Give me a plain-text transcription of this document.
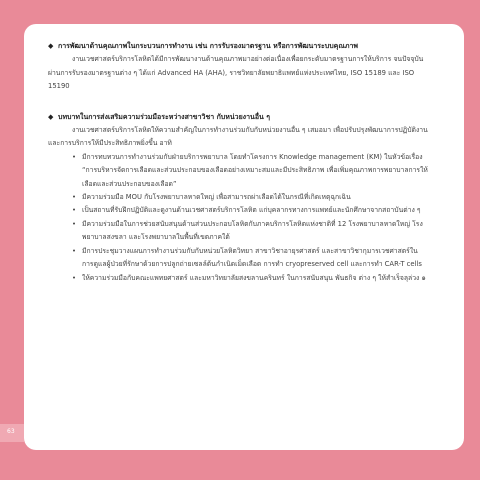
◆ การพัฒนาด้านคุณภาพในกระบวนการทำงาน เช่น การรับรองมาตรฐาน หรือการพัฒนาระบบคุณภาพ
งานเวชศาสตร์บริการโลหิตได้มีการพัฒนางานด้านคุณภาพมาอย่างต่อเนื่องเพื่อยกระดับมาตรฐานการให้บริการ จนปัจจุบันผ่านการรับรองมาตรฐานต่าง ๆ ได้แก่ Advanced HA (AHA), ราชวิทยาลัยพยาธิแพทย์แห่งประเทศไทย, ISO 15189 และ ISO 15190
◆ บทบาทในการส่งเสริมความร่วมมือระหว่างสาขาวิชา กับหน่วยงานอื่น ๆ
งานเวชศาสตร์บริการโลหิตให้ความสำคัญในการทำงานร่วมกับกับหน่วยงานอื่น ๆ เสมอมา เพื่อปรับปรุงพัฒนาการปฏิบัติงานและการบริการให้มีประสิทธิภาพยิ่งขึ้น อาทิ
• มีการทบทวนการทำงานร่วมกับฝ่ายบริการพยาบาล โดยทำโครงการ Knowledge management (KM) ในหัวข้อเรื่อง “การบริหารจัดการเลือดและส่วนประกอบของเลือดอย่างเหมาะสมและมีประสิทธิภาพ เพื่อเพิ่มคุณภาพการพยาบาลการให้เลือดและส่วนประกอบของเลือด”
• มีความร่วมมือ MOU กับโรงพยาบาลหาดใหญ่ เพื่อสามารถผ่าเลือดได้ในกรณีที่เกิดเหตุฉุกเฉิน
• เป็นสถานที่รับฝึกปฏิบัติและดูงานด้านเวชศาสตร์บริการโลหิต แก่บุคลากรทางการแพทย์และนักศึกษาจากสถาบันต่าง ๆ
• มีความร่วมมือในการช่วยสนับสนุนด้านส่วนประกอบโลหิตกับภาคบริการโลหิตแห่งชาติที่ 12 โรงพยาบาลหาดใหญ่ โรงพยาบาลสงขลา และโรงพยาบาลในพื้นที่เขตภาคใต้
• มีการประชุมวางแผนการทำงานร่วมกับกับหน่วยโลหิตวิทยา สาขาวิชาอายุรศาสตร์ และสาขาวิชากุมารเวชศาสตร์ในการดูแลผู้ป่วยที่รักษาด้วยการปลูกถ่ายเซลล์ต้นกำเนิดเม็ดเลือด การทำ cryopreserved cell และการทำ CAR-T cells
• ให้ความร่วมมือกับคณะแพทยศาสตร์ และมหาวิทยาลัยสงขลานครินทร์ ในการสนับสนุน พันธกิจ ต่าง ๆ ให้สำเร็จลุล่วง ๑
63
